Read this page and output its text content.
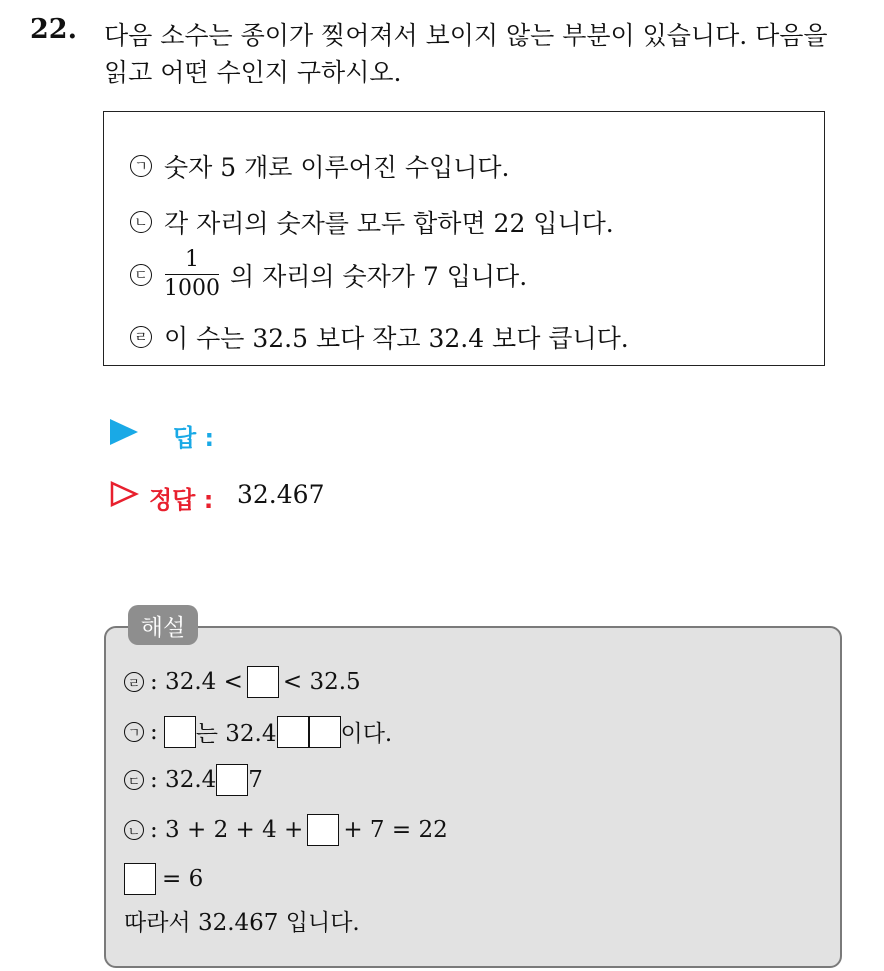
22. 다음 소수는 종이가 찢어져서 보이지 않는 부분이 있습니다. 다음을
읽고 어떤 수인지 구하시오.
ㄱ 숫자 5 개로 이루어진 수입니다.
ㄴ 각 자리의 숫자를 모두 합하면 22 입니다.
ㄷ $\frac{1}{1000}$ 의 자리의 숫자가 7 입니다.
ㄹ 이 수는 32.5 보다 작고 32.4 보다 큽니다.
답 :
정답 : 32.467
해설
ㄹ : 32.4 < < 32.5
ㄱ : 는 32.4	이다.
ㄷ : 32.4 7
ㄴ : 3 + 2 + 4 + + 7 = 22
= 6
따라서 32.467 입니다.
